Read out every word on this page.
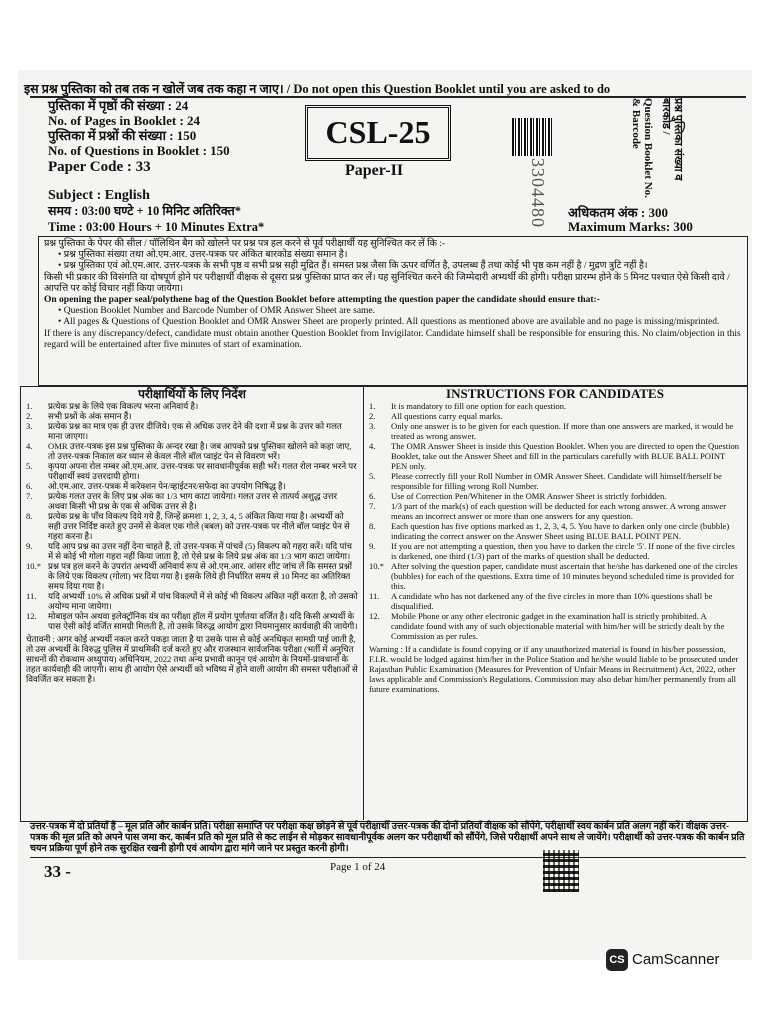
इस प्रश्न पुस्तिका को तब तक न खोलें जब तक कहा न जाए। / Do not open this Question Booklet until you are asked to do
पुस्तिका में पृष्ठों की संख्या : 24
No. of Pages in Booklet : 24
पुस्तिका में प्रश्नों की संख्या : 150
No. of Questions in Booklet : 150
Paper Code : 33
Subject : English
समय : 03:00 घण्टे + 10 मिनिट अतिरिक्त*
Time : 03:00 Hours + 10 Minutes Extra*
CSL-25
Paper-II	3304480
प्रश्न पुस्तिका संख्या व बारकोड /
Question Booklet No. & Barcode
अधिकतम अंक : 300
Maximum Marks: 300
प्रश्न पुस्तिका के पेपर की सील / पॉलिथिन बैग को खोलने पर प्रश्न पत्र हल करने से पूर्व परीक्षार्थी यह सुनिश्चित कर लें कि :-
• प्रश्न पुस्तिका संख्या तथा ओ.एम.आर. उत्तर-पत्रक पर अंकित बारकोड संख्या समान है।
• प्रश्न पुस्तिका एवं ओ.एम.आर. उत्तर-पत्रक के सभी पृष्ठ व सभी प्रश्न सही मुद्रित हैं। समस्त प्रश्न जैसा कि ऊपर वर्णित है, उपलब्ध हैं तथा कोई भी पृष्ठ कम नहीं है / मुद्रण त्रुटि नहीं है।
किसी भी प्रकार की विसंगति या दोषपूर्ण होने पर परीक्षार्थी वीक्षक से दूसरा प्रश्न पुस्तिका प्राप्त कर लें। यह सुनिश्चित करने की जिम्मेदारी अभ्यर्थी की होगी। परीक्षा प्रारम्भ होने के 5 मिनट पश्चात ऐसे किसी दावे / आपत्ति पर कोई विचार नहीं किया जायेगा।
On opening the paper seal/polythene bag of the Question Booklet before attempting the question paper the candidate should ensure that:-
• Question Booklet Number and Barcode Number of OMR Answer Sheet are same.
• All pages & Questions of Question Booklet and OMR Answer Sheet are properly printed. All questions as mentioned above are available and no page is missing/misprinted.
If there is any discrepancy/defect, candidate must obtain another Question Booklet from Invigilator. Candidate himself shall be responsible for ensuring this. No claim/objection in this regard will be entertained after five minutes of start of examination.
परीक्षार्थियों के लिए निर्देश
1. प्रत्येक प्रश्न के लिये एक विकल्प भरना अनिवार्य है।
2. सभी प्रश्नों के अंक समान हैं।
3. प्रत्येक प्रश्न का मात्र एक ही उत्तर दीजिये। एक से अधिक उत्तर देने की दशा में प्रश्न के उत्तर को गलत माना जाएगा।
4. OMR उत्तर-पत्रक इस प्रश्न पुस्तिका के अन्दर रखा है। जब आपको प्रश्न पुस्तिका खोलने को कहा जाए, तो उत्तर-पत्रक निकाल कर ध्यान से केवल नीले बॉल प्वाइंट पेन से विवरण भरें।
5. कृपया अपना रोल नम्बर ओ.एम.आर. उत्तर-पत्रक पर सावधानीपूर्वक सही भरें। गलत रोल नम्बर भरने पर परीक्षार्थी स्वयं उत्तरदायी होगा।
6. ओ.एम.आर. उत्तर-पत्रक में करेक्शन पेन/व्हाईटनर/सफेदा का उपयोग निषिद्ध है।
7. प्रत्येक गलत उत्तर के लिए प्रश्न अंक का 1/3 भाग काटा जायेगा। गलत उत्तर से तात्पर्य अशुद्ध उत्तर अथवा किसी भी प्रश्न के एक से अधिक उत्तर से है।
8. प्रत्येक प्रश्न के पाँच विकल्प दिये गये हैं, जिन्हें क्रमशः 1, 2, 3, 4, 5 अंकित किया गया है। अभ्यर्थी को सही उत्तर निर्दिष्ट करते हुए उनमें से केवल एक गोले (बबल) को उत्तर-पत्रक पर नीले बॉल प्वाइंट पेन से गहरा करना है।
9. यदि आप प्रश्न का उत्तर नहीं देना चाहते हैं, तो उत्तर-पत्रक में पांचवें (5) विकल्प को गहरा करें। यदि पांच में से कोई भी गोला गहरा नहीं किया जाता है, तो ऐसे प्रश्न के लिये प्रश्न अंक का 1/3 भाग काटा जायेगा।
10.* प्रश्न पत्र हल करने के उपरांत अभ्यर्थी अनिवार्य रूप से ओ.एम.आर. आंसर शीट जांच लें कि समस्त प्रश्नों के लिये एक विकल्प (गोला) भर दिया गया है। इसके लिये ही निर्धारित समय से 10 मिनट का अतिरिक्त समय दिया गया है।
11. यदि अभ्यर्थी 10% से अधिक प्रश्नों में पांच विकल्पों में से कोई भी विकल्प अंकित नहीं करता है, तो उसको अयोग्य माना जायेगा।
12. मोबाइल फोन अथवा इलेक्ट्रॉनिक यंत्र का परीक्षा हॉल में प्रयोग पूर्णतया वर्जित है। यदि किसी अभ्यर्थी के पास ऐसी कोई वर्जित सामग्री मिलती है, तो उसके विरुद्ध आयोग द्वारा नियमानुसार कार्यवाही की जायेगी।
चेतावनी : अगर कोई अभ्यर्थी नकल करते पकड़ा जाता है या उसके पास से कोई अनधिकृत सामग्री पाई जाती है, तो उस अभ्यर्थी के विरुद्ध पुलिस में प्राथमिकी दर्ज करते हुए और राजस्थान सार्वजनिक परीक्षा (भर्ती में अनुचित साधनों की रोकथाम अध्युपाय) अधिनियम, 2022 तथा अन्य प्रभावी कानून एवं आयोग के नियमों-प्रावधानों के तहत कार्यवाही की जाएगी। साथ ही आयोग ऐसे अभ्यर्थी को भविष्य में होने वाली आयोग की समस्त परीक्षाओं से विवर्जित कर सकता है।
INSTRUCTIONS FOR CANDIDATES
1. It is mandatory to fill one option for each question.
2. All questions carry equal marks.
3. Only one answer is to be given for each question. If more than one answers are marked, it would be treated as wrong answer.
4. The OMR Answer Sheet is inside this Question Booklet. When you are directed to open the Question Booklet, take out the Answer Sheet and fill in the particulars carefully with BLUE BALL POINT PEN only.
5. Please correctly fill your Roll Number in OMR Answer Sheet. Candidate will himself/herself be responsible for filling wrong Roll Number.
6. Use of Correction Pen/Whitener in the OMR Answer Sheet is strictly forbidden.
7. 1/3 part of the mark(s) of each question will be deducted for each wrong answer. A wrong answer means an incorrect answer or more than one answers for any question.
8. Each question has five options marked as 1, 2, 3, 4, 5. You have to darken only one circle (bubble) indicating the correct answer on the Answer Sheet using BLUE BALL POINT PEN.
9. If you are not attempting a question, then you have to darken the circle '5'. If none of the five circles is darkened, one third (1/3) part of the marks of question shall be deducted.
10.* After solving the question paper, candidate must ascertain that he/she has darkened one of the circles (bubbles) for each of the questions. Extra time of 10 minutes beyond scheduled time is provided for this.
11. A candidate who has not darkened any of the five circles in more than 10% questions shall be disqualified.
12. Mobile Phone or any other electronic gadget in the examination hall is strictly prohibited. A candidate found with any of such objectionable material with him/her will be strictly dealt by the Commission as per rules.
Warning : If a candidate is found copying or if any unauthorized material is found in his/her possession, F.I.R. would be lodged against him/her in the Police Station and he/she would liable to be prosecuted under Rajasthan Public Examination (Measures for Prevention of Unfair Means in Recruitment) Act, 2022, other laws applicable and Commission's Regulations. Commission may also debar him/her permanently from all future examinations.
उत्तर-पत्रक में दो प्रतियाँ हैं – मूल प्रति और कार्बन प्रति। परीक्षा समाप्ति पर परीक्षा कक्ष छोड़ने से पूर्व परीक्षार्थी उत्तर-पत्रक की दोनों प्रतियाँ वीक्षक को सौंपेंगे, परीक्षार्थी स्वयं कार्बन प्रति अलग नहीं करें। वीक्षक उत्तर-पत्रक की मूल प्रति को अपने पास जमा कर, कार्बन प्रति को मूल प्रति से कट लाईन से मोड़कर सावधानीपूर्वक अलग कर परीक्षार्थी को सौंपेंगे, जिसे परीक्षार्थी अपने साथ ले जायेंगे। परीक्षार्थी को उत्तर-पत्रक की कार्बन प्रति चयन प्रक्रिया पूर्ण होने तक सुरक्षित रखनी होगी एवं आयोग द्वारा मांगे जाने पर प्रस्तुत करनी होगी।
33 -	Page 1 of 24
CS CamScanner
